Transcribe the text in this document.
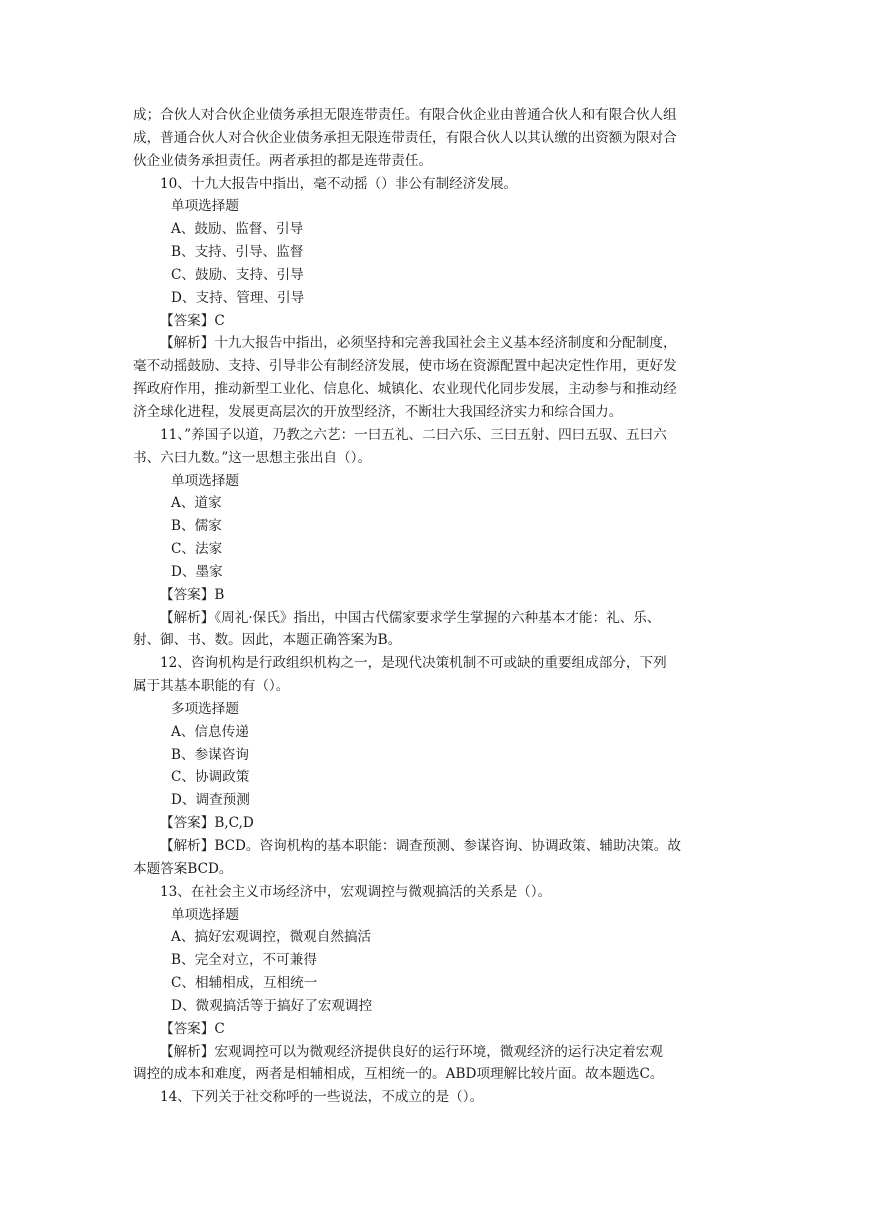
成；合伙人对合伙企业债务承担无限连带责任。有限合伙企业由普通合伙人和有限合伙人组

成，普通合伙人对合伙企业债务承担无限连带责任，有限合伙人以其认缴的出资额为限对合

伙企业债务承担责任。两者承担的都是连带责任。

10、十九大报告中指出，毫不动摇（）非公有制经济发展。

单项选择题

A、鼓励、监督、引导

B、支持、引导、监督

C、鼓励、支持、引导

D、支持、管理、引导

【答案】C

【解析】十九大报告中指出，必须坚持和完善我国社会主义基本经济制度和分配制度，

毫不动摇鼓励、支持、引导非公有制经济发展，使市场在资源配置中起决定性作用，更好发

挥政府作用，推动新型工业化、信息化、城镇化、农业现代化同步发展，主动参与和推动经

济全球化进程，发展更高层次的开放型经济，不断壮大我国经济实力和综合国力。

11、”养国子以道，乃教之六艺：一曰五礼、二曰六乐、三曰五射、四曰五驭、五曰六

书、六曰九数。”这一思想主张出自（）。

单项选择题

A、道家

B、儒家

C、法家

D、墨家

【答案】B

【解析】《周礼·保氏》指出，中国古代儒家要求学生掌握的六种基本才能：礼、乐、

射、御、书、数。因此，本题正确答案为B。

12、咨询机构是行政组织机构之一，是现代决策机制不可或缺的重要组成部分，下列

属于其基本职能的有（）。

多项选择题

A、信息传递

B、参谋咨询

C、协调政策

D、调查预测

【答案】B,C,D

【解析】BCD。咨询机构的基本职能：调查预测、参谋咨询、协调政策、辅助决策。故

本题答案BCD。

13、在社会主义市场经济中，宏观调控与微观搞活的关系是（）。

单项选择题

A、搞好宏观调控，微观自然搞活

B、完全对立，不可兼得

C、相辅相成，互相统一

D、微观搞活等于搞好了宏观调控

【答案】C

【解析】宏观调控可以为微观经济提供良好的运行环境，微观经济的运行决定着宏观

调控的成本和难度，两者是相辅相成，互相统一的。ABD项理解比较片面。故本题选C。

14、下列关于社交称呼的一些说法，不成立的是（）。
